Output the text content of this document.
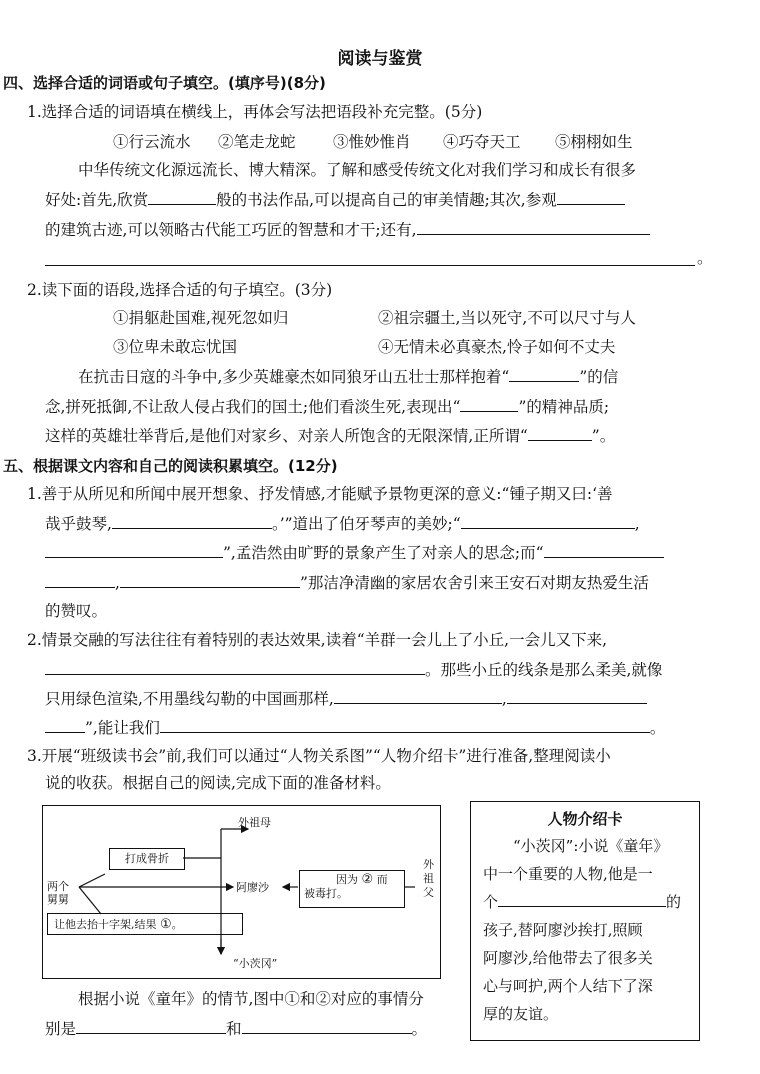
阅读与鉴赏
四、选择合适的词语或句子填空。(填序号)(8分)
1.选择合适的词语填在横线上，再体会写法把语段补充完整。(5分)
①行云流水 ②笔走龙蛇 ③惟妙惟肖 ④巧夺天工 ⑤栩栩如生
中华传统文化源远流长、博大精深。了解和感受传统文化对我们学习和成长有很多
好处:首先,欣赏	般的书法作品,可以提高自己的审美情趣;其次,参观
的建筑古迹,可以领略古代能工巧匠的智慧和才干;还有,
。
2.读下面的语段,选择合适的句子填空。(3分)
①捐躯赴国难,视死忽如归	②祖宗疆土,当以死守,不可以尺寸与人
③位卑未敢忘忧国	④无情未必真豪杰,怜子如何不丈夫
在抗击日寇的斗争中,多少英雄豪杰如同狼牙山五壮士那样抱着“	”的信
念,拼死抵御,不让敌人侵占我们的国土;他们看淡生死,表现出“	”的精神品质;
这样的英雄壮举背后,是他们对家乡、对亲人所饱含的无限深情,正所谓“	”。
五、根据课文内容和自己的阅读积累填空。(12分)
1.善于从所见和所闻中展开想象、抒发情感,才能赋予景物更深的意义:“锺子期又曰:‘善
哉乎鼓琴,	。’”道出了伯牙琴声的美妙;“	,
”,孟浩然由旷野的景象产生了对亲人的思念;而“
,	”那洁净清幽的家居农舍引来王安石对期友热爱生活
的赞叹。
2.情景交融的写法往往有着特别的表达效果,读着“羊群一会儿上了小丘,一会儿又下来,
。那些小丘的线条是那么柔美,就像
只用绿色渲染,不用墨线勾勒的中国画那样,	,
”,能让我们	。
3.开展“班级读书会”前,我们可以通过“人物关系图”“人物介绍卡”进行准备,整理阅读小
说的收获。根据自己的阅读,完成下面的准备材料。
外祖母
打成骨折
两个舅舅
阿廖沙
因为 ② 而
被毒打。
外祖父
让他去抬十字架,结果 ①。
“小茨冈”
根据小说《童年》的情节,图中①和②对应的事情分
别是	和	。
人物介绍卡
“小茨冈”:小说《童年》
中一个重要的人物,他是一
个	的
孩子,替阿廖沙挨打,照顾
阿廖沙,给他带去了很多关
心与呵护,两个人结下了深
厚的友谊。
